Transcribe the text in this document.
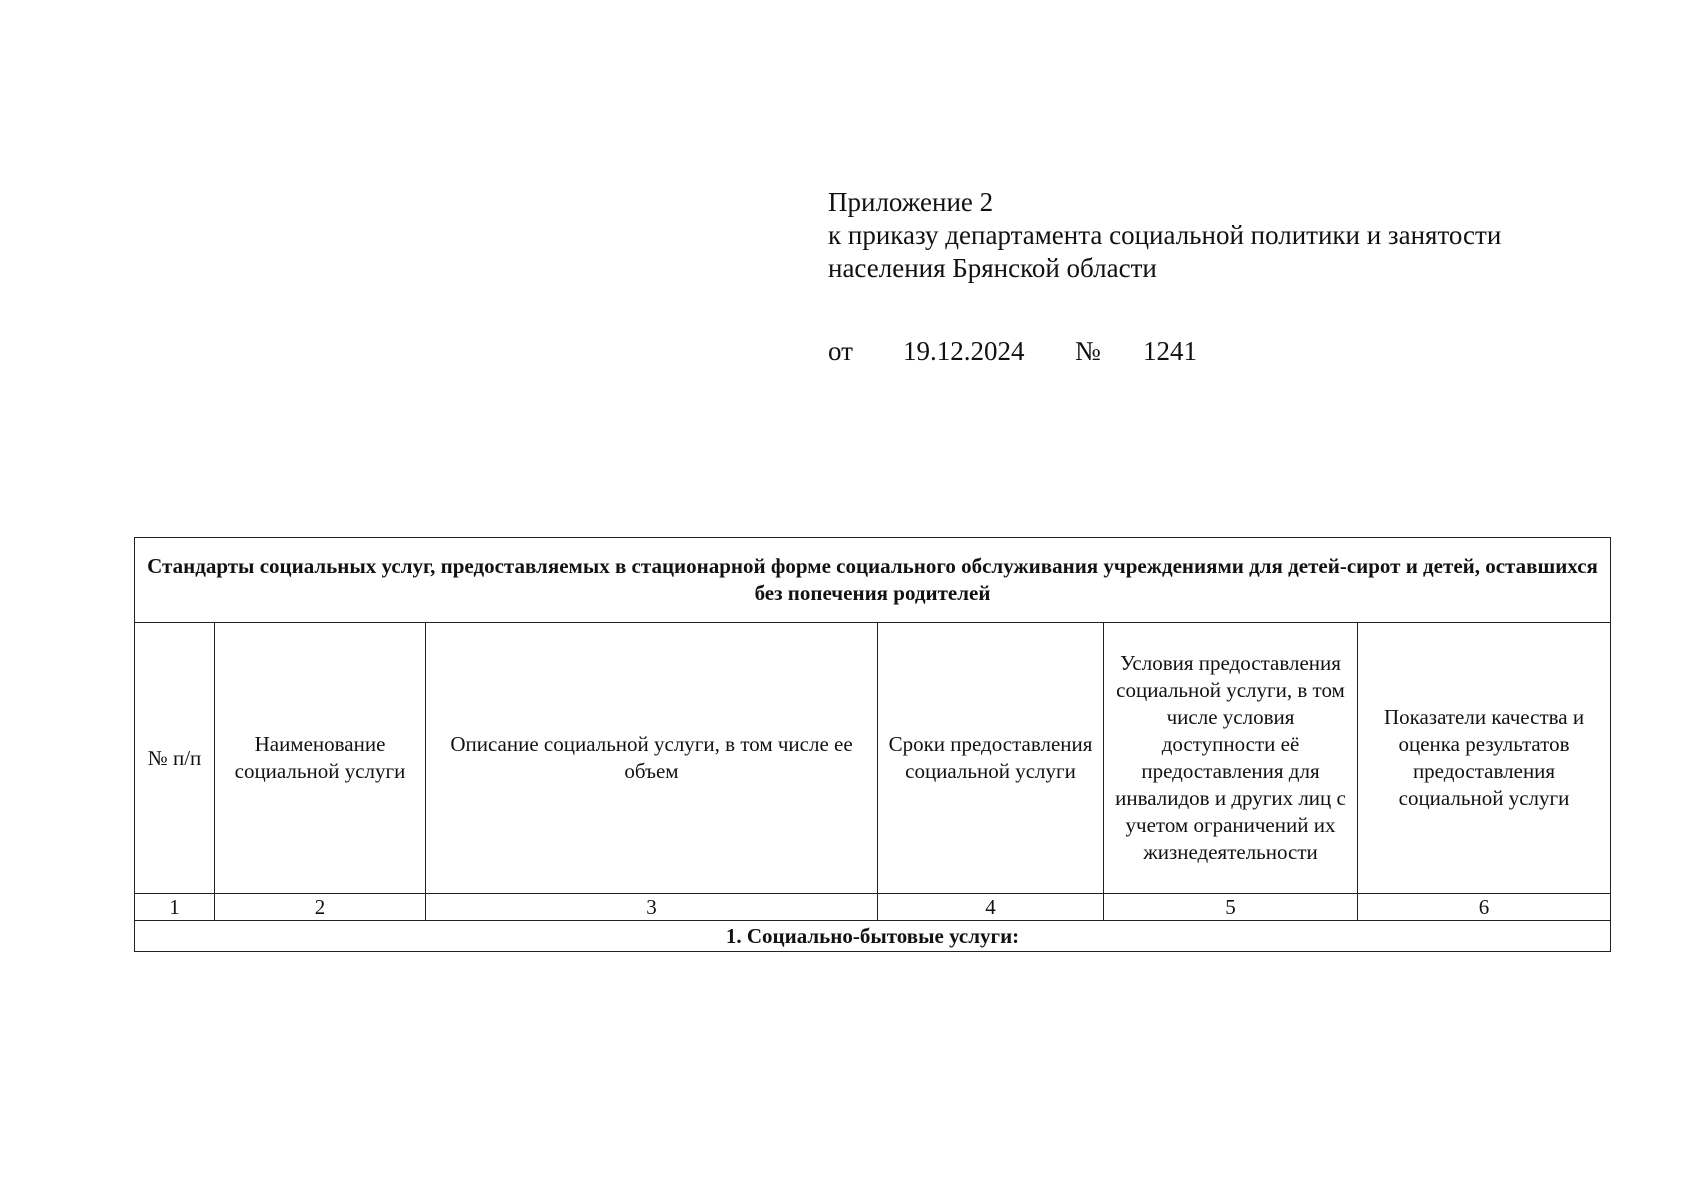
Приложение 2
к приказу департамента социальной политики и занятости
населения Брянской области
от 19.12.2024 № 1241
Стандарты социальных услуг, предоставляемых в стационарной форме социального обслуживания учреждениями для детей-сирот и детей, оставшихся без попечения родителей					
№ п/п	Наименование социальной услуги	Описание социальной услуги, в том числе ее объем	Сроки предоставления социальной услуги	Условия предоставления социальной услуги, в том числе условия доступности её предоставления для инвалидов и других лиц с учетом ограничений их жизнедеятельности	Показатели качества и оценка результатов предоставления социальной услуги
1	2	3	4	5	6
1. Социально-бытовые услуги:					
